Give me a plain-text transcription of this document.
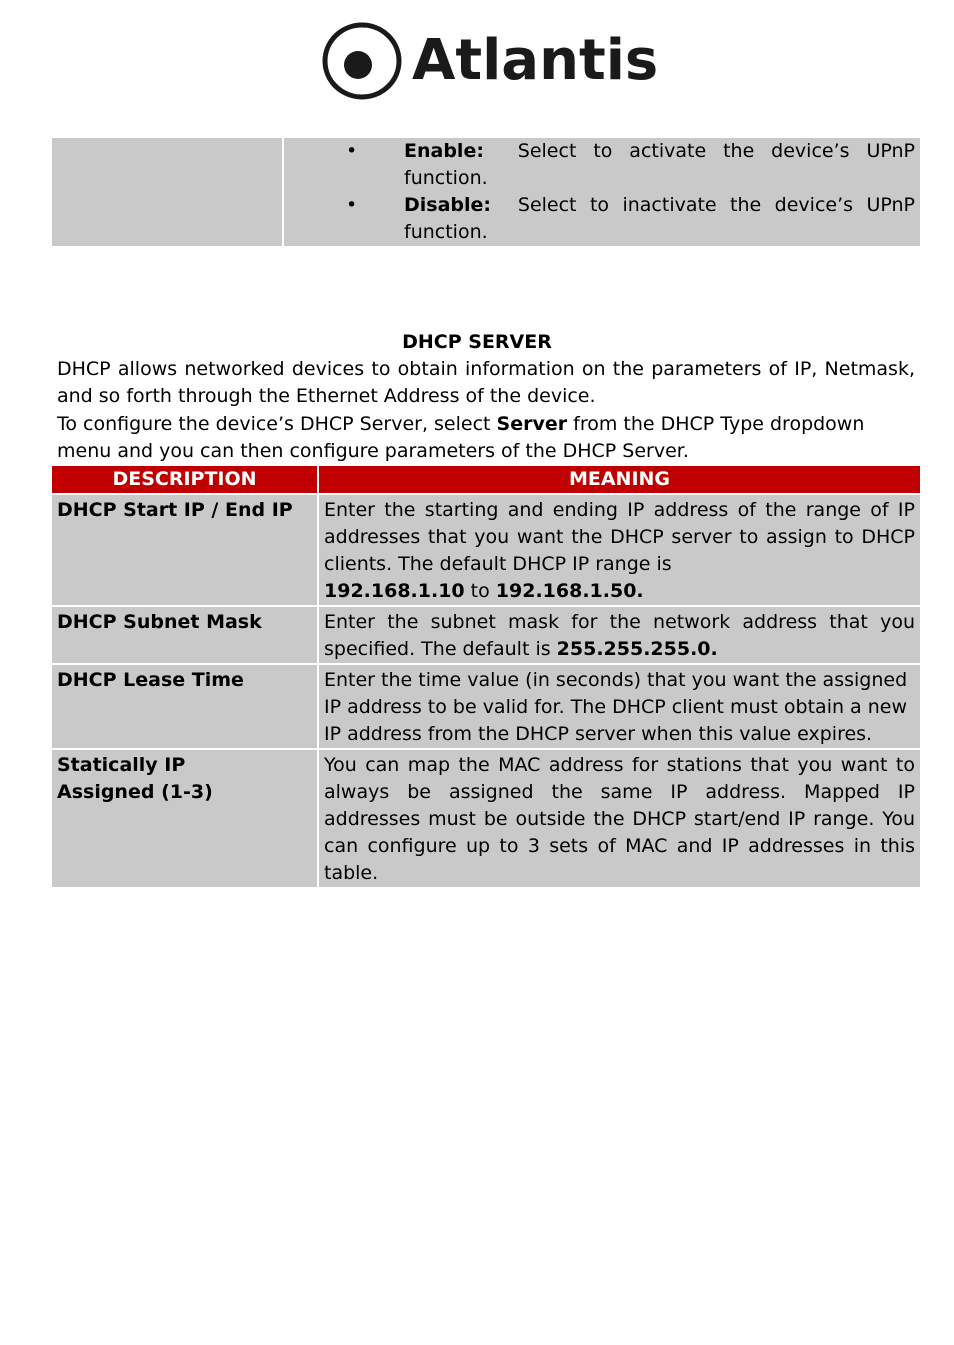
Atlantis

• Enable: Select to activate the device’s UPnP function.

• Disable: Select to inactivate the device’s UPnP function.

DHCP SERVER

DHCP allows networked devices to obtain information on the parameters of IP, Netmask, and so forth through the Ethernet Address of the device.

To configure the device’s DHCP Server, select Server from the DHCP Type dropdown menu and you can then configure parameters of the DHCP Server.

DESCRIPTION	MEANING
DHCP Start IP / End IP	Enter the starting and ending IP address of the range of IP addresses that you want the DHCP server to assign to DHCP clients. The default DHCP IP range is
192.168.1.10 to 192.168.1.50.
DHCP Subnet Mask	Enter the subnet mask for the network address that you specified. The default is 255.255.255.0.
DHCP Lease Time	Enter the time value (in seconds) that you want the assigned IP address to be valid for. The DHCP client must obtain a new IP address from the DHCP server when this value expires.
Statically IP Assigned (1-3)	You can map the MAC address for stations that you want to always be assigned the same IP address. Mapped IP addresses must be outside the DHCP start/end IP range. You can configure up to 3 sets of MAC and IP addresses in this table.
